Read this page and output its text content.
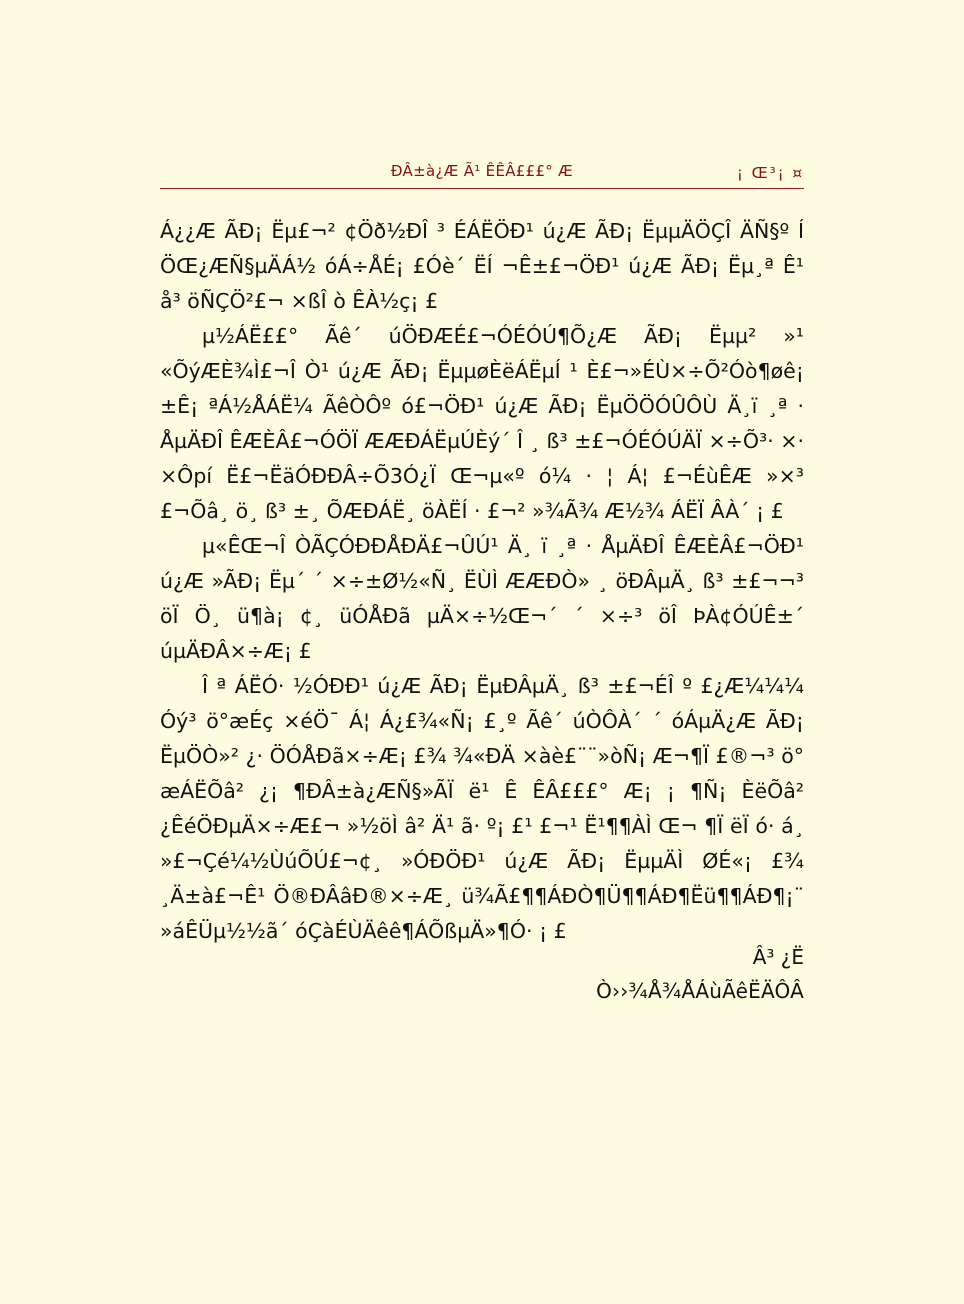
ÐÂ±à¿Æ Ã¹ ÊÊÂ£££° Æ	¡ Œ³¡ ¤

Á¿¿Æ ÃÐ¡ Ëµ£¬² ¢Öð½ÐÎ ³ ÉÁËÖÐ¹ ú¿Æ ÃÐ¡ ËµµÄÖÇÎ ÄÑ§º Í ÖŒ¿ÆÑ§µÄÁ½ óÁ÷ÅÉ¡ £Óè´ ËÍ ¬Ê±£¬ÖÐ¹ ú¿Æ ÃÐ¡ Ëµ¸ª Ê¹ å³ öÑÇÖ²£¬ ×ßÎ ò ÊÀ½ç¡ £

µ½ÁË££° Ãê´ úÖÐÆÉ£¬ÓÉÓÚ¶Õ¿Æ ÃÐ¡ Ëµµ² »¹ «ÕýÆÈ¾Ì£¬Î Ò¹ ú¿Æ ÃÐ¡ ËµµøÈëÁËµÍ ¹ È£¬»ÉÙ×÷Õ²Óò¶øê¡ ±Ê¡ ªÁ½ÅÁË¼ ÃêÒÔº ó£¬ÖÐ¹ ú¿Æ ÃÐ¡ ËµÖÖÓÛÔÙ Ä¸ï ¸ª · ÅµÄÐÎ ÊÆÈÂ£¬ÓÖÏ ÆÆÐÁËµÚÈý´ Î ¸ ß³ ±£¬ÓÉÓÚÄÏ ×÷Õ³· ×· ×Ôpí Ë£¬ËäÓÐÐÂ÷Õ3Ó¿Ï Œ¬µ«º ó¼ · ¦ Á¦ £¬ÉùÊÆ »×³ £¬Õâ¸ ö¸ ß³ ±¸ ÕÆÐÁË¸ öÀËÍ · £¬² »¾Ã¾ Æ½¾ ÁËÏ ÂÀ´ ¡ £

µ«ÊŒ¬Î ÒÃÇÓÐÐÅÐÄ£¬ÛÚ¹ Ä¸ ï ¸ª · ÅµÄÐÎ ÊÆÈÂ£¬ÖÐ¹ ú¿Æ »ÃÐ¡ Ëµ´ ´ ×÷±Ø½«Ñ¸ ËÙÌ ÆÆÐÒ» ¸ öÐÂµÄ¸ ß³ ±£¬¬³ öÏ Ö¸ ü¶à¡ ¢¸ üÓÅÐã µÄ×÷½Œ¬´ ´ ×÷³ öÎ ÞÀ¢ÓÚÊ±´ úµÄÐÂ×÷Æ¡ £

Î ª ÁËÓ· ½ÓÐÐ¹ ú¿Æ ÃÐ¡ ËµÐÂµÄ¸ ß³ ±£¬ÉÎ º £¿Æ¼¼¼ Óý³ ö°æÉç ×éÖ¯ Á¦ Á¿£¾«Ñ¡ £¸º Ãê´ úÒÔÀ´ ´ óÁµÄ¿Æ ÃÐ¡ ËµÖÒ»² ¿· ÖÓÅÐã×÷Æ¡ £¾ ¾«ÐÄ ×àè£¨¨»òÑ¡ Æ¬¶Ï £®¬³ ö° æÁËÕâ² ¿¡ ¶ÐÂ±à¿ÆÑ§»ÃÏ ë¹ Ê ÊÂ£££° Æ¡ ¡ ¶Ñ¡ ÈëÕâ² ¿ÊéÖÐµÄ×÷Æ£¬ »½öÌ â² Ä¹ ã· º¡ £¹ £¬¹ Ë¹¶¶ÀÌ Œ¬ ¶Ï ëÏ ó· á¸ »£¬Çé¼½ÙúÕÚ£¬¢¸ »ÓÐÖÐ¹ ú¿Æ ÃÐ¡ ËµµÄÌ ØÉ«¡ £¾ ¸Ä±à£¬Ê¹ Ö®ÐÂâÐ®×÷Æ¸ ü¾Ã£¶¶ÁÐÒ¶Ü¶¶ÁÐ¶Ëü¶¶ÁÐ¶¡¨ »áÊÜµ½½ã´ óÇàÉÙÄêê¶ÁÕßµÄ»¶Ó· ¡ £

Â³ ¿Ë
Ò››¾Å¾ÅÁùÃêËÄÔÂ
